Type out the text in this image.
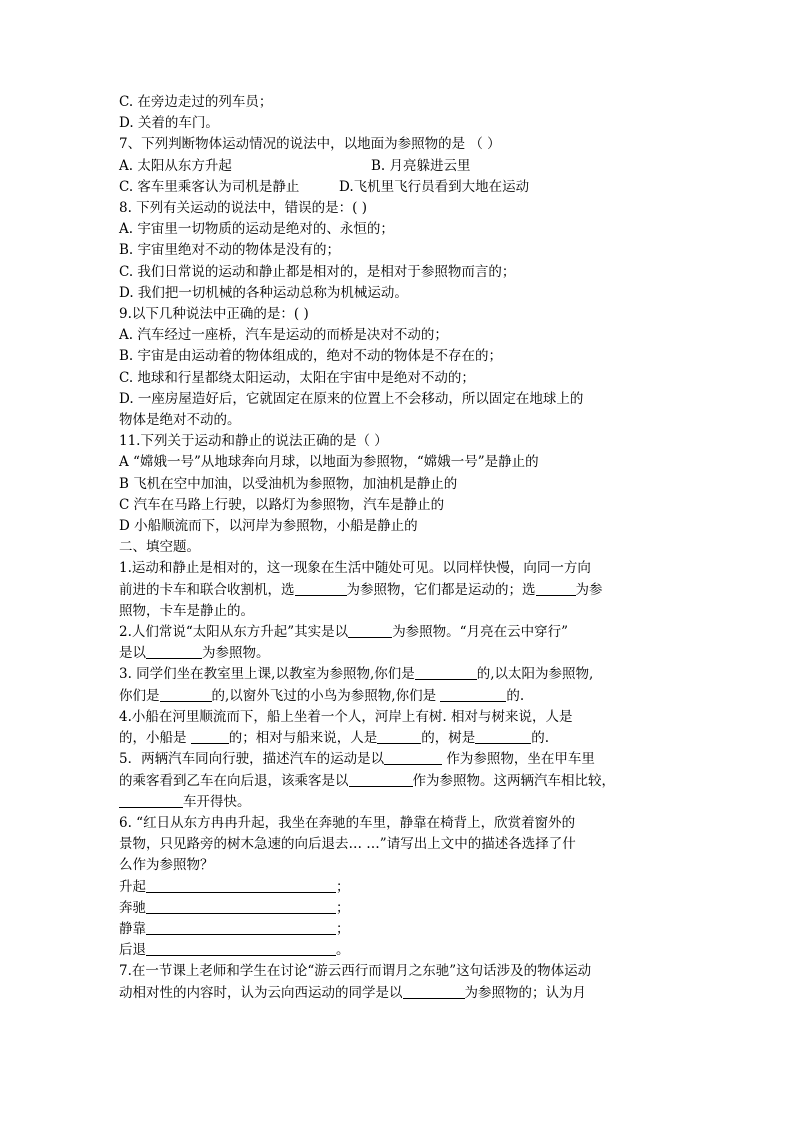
C. 在旁边走过的列车员；
D. 关着的车门。
7、下列判断物体运动情况的说法中，以地面为参照物的是 （ ）
A. 太阳从东方升起	B. 月亮躲进云里
C. 客车里乘客认为司机是静止	D.飞机里飞行员看到大地在运动
8. 下列有关运动的说法中，错误的是：( )
A. 宇宙里一切物质的运动是绝对的、永恒的；
B. 宇宙里绝对不动的物体是没有的；
C. 我们日常说的运动和静止都是相对的，是相对于参照物而言的；
D. 我们把一切机械的各种运动总称为机械运动。
9.以下几种说法中正确的是：( )
A. 汽车经过一座桥，汽车是运动的而桥是决对不动的；
B. 宇宙是由运动着的物体组成的，绝对不动的物体是不存在的；
C. 地球和行星都绕太阳运动，太阳在宇宙中是绝对不动的；
D. 一座房屋造好后，它就固定在原来的位置上不会移动，所以固定在地球上的
物体是绝对不动的。
11.下列关于运动和静止的说法正确的是（ ）
A “嫦娥一号”从地球奔向月球，以地面为参照物，“嫦娥一号”是静止的
B 飞机在空中加油，以受油机为参照物，加油机是静止的
C 汽车在马路上行驶，以路灯为参照物，汽车是静止的
D 小船顺流而下，以河岸为参照物，小船是静止的
二、填空题。
1.运动和静止是相对的，这一现象在生活中随处可见。以同样快慢，向同一方向
前进的卡车和联合收割机，选	为参照物，它们都是运动的；选	为参
照物，卡车是静止的。
2.人们常说“太阳从东方升起”其实是以	为参照物。“月亮在云中穿行”
是以	为参照物。
3. 同学们坐在教室里上课,以教室为参照物,你们是	的,以太阳为参照物,
你们是	的,以窗外飞过的小鸟为参照物,你们是	的.
4.小船在河里顺流而下，船上坐着一个人，河岸上有树. 相对与树来说，人是
的，小船是	的；相对与船来说，人是	的，树是	的.
5．两辆汽车同向行驶，描述汽车的运动是以	作为参照物，坐在甲车里
的乘客看到乙车在向后退，该乘客是以	作为参照物。这两辆汽车相比较，
车开得快。
6. “红日从东方冉冉升起，我坐在奔驰的车里，静靠在椅背上，欣赏着窗外的
景物，只见路旁的树木急速的向后退去… …”请写出上文中的描述各选择了什
么作为参照物？
升起	；
奔驰	；
静靠	；
后退	。
7.在一节课上老师和学生在讨论“游云西行而谓月之东驰”这句话涉及的物体运动
动相对性的内容时，认为云向西运动的同学是以	为参照物的；认为月
